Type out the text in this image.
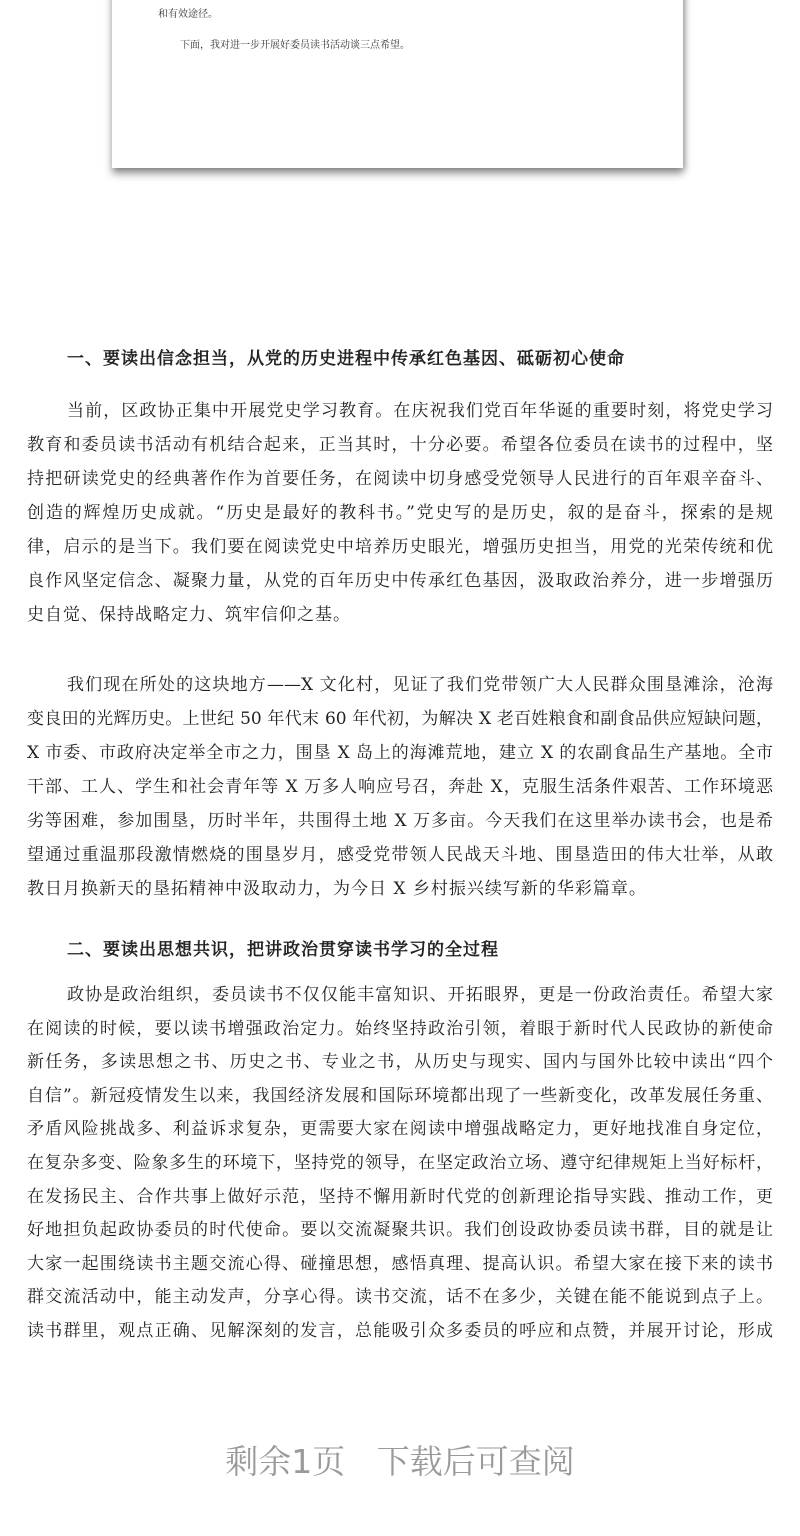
和有效途径。
下面，我对进一步开展好委员读书活动谈三点希望。
一、要读出信念担当，从党的历史进程中传承红色基因、砥砺初心使命
当前，区政协正集中开展党史学习教育。在庆祝我们党百年华诞的重要时刻，将党史学习
教育和委员读书活动有机结合起来，正当其时，十分必要。希望各位委员在读书的过程中，坚
持把研读党史的经典著作作为首要任务，在阅读中切身感受党领导人民进行的百年艰辛奋斗、
创造的辉煌历史成就。“历史是最好的教科书。”党史写的是历史，叙的是奋斗，探索的是规
律，启示的是当下。我们要在阅读党史中培养历史眼光，增强历史担当，用党的光荣传统和优
良作风坚定信念、凝聚力量，从党的百年历史中传承红色基因，汲取政治养分，进一步增强历
史自觉、保持战略定力、筑牢信仰之基。
我们现在所处的这块地方——X 文化村，见证了我们党带领广大人民群众围垦滩涂，沧海
变良田的光辉历史。上世纪 50 年代末 60 年代初，为解决 X 老百姓粮食和副食品供应短缺问题，
X 市委、市政府决定举全市之力，围垦 X 岛上的海滩荒地，建立 X 的农副食品生产基地。全市
干部、工人、学生和社会青年等 X 万多人响应号召，奔赴 X，克服生活条件艰苦、工作环境恶
劣等困难，参加围垦，历时半年，共围得土地 X 万多亩。今天我们在这里举办读书会，也是希
望通过重温那段激情燃烧的围垦岁月，感受党带领人民战天斗地、围垦造田的伟大壮举，从敢
教日月换新天的垦拓精神中汲取动力，为今日 X 乡村振兴续写新的华彩篇章。
二、要读出思想共识，把讲政治贯穿读书学习的全过程
政协是政治组织，委员读书不仅仅能丰富知识、开拓眼界，更是一份政治责任。希望大家
在阅读的时候，要以读书增强政治定力。始终坚持政治引领，着眼于新时代人民政协的新使命
新任务，多读思想之书、历史之书、专业之书，从历史与现实、国内与国外比较中读出“四个
自信”。新冠疫情发生以来，我国经济发展和国际环境都出现了一些新变化，改革发展任务重、
矛盾风险挑战多、利益诉求复杂，更需要大家在阅读中增强战略定力，更好地找准自身定位，
在复杂多变、险象多生的环境下，坚持党的领导，在坚定政治立场、遵守纪律规矩上当好标杆，
在发扬民主、合作共事上做好示范，坚持不懈用新时代党的创新理论指导实践、推动工作，更
好地担负起政协委员的时代使命。要以交流凝聚共识。我们创设政协委员读书群，目的就是让
大家一起围绕读书主题交流心得、碰撞思想，感悟真理、提高认识。希望大家在接下来的读书
群交流活动中，能主动发声，分享心得。读书交流，话不在多少，关键在能不能说到点子上。
读书群里，观点正确、见解深刻的发言，总能吸引众多委员的呼应和点赞，并展开讨论，形成
剩余1页   下载后可查阅
